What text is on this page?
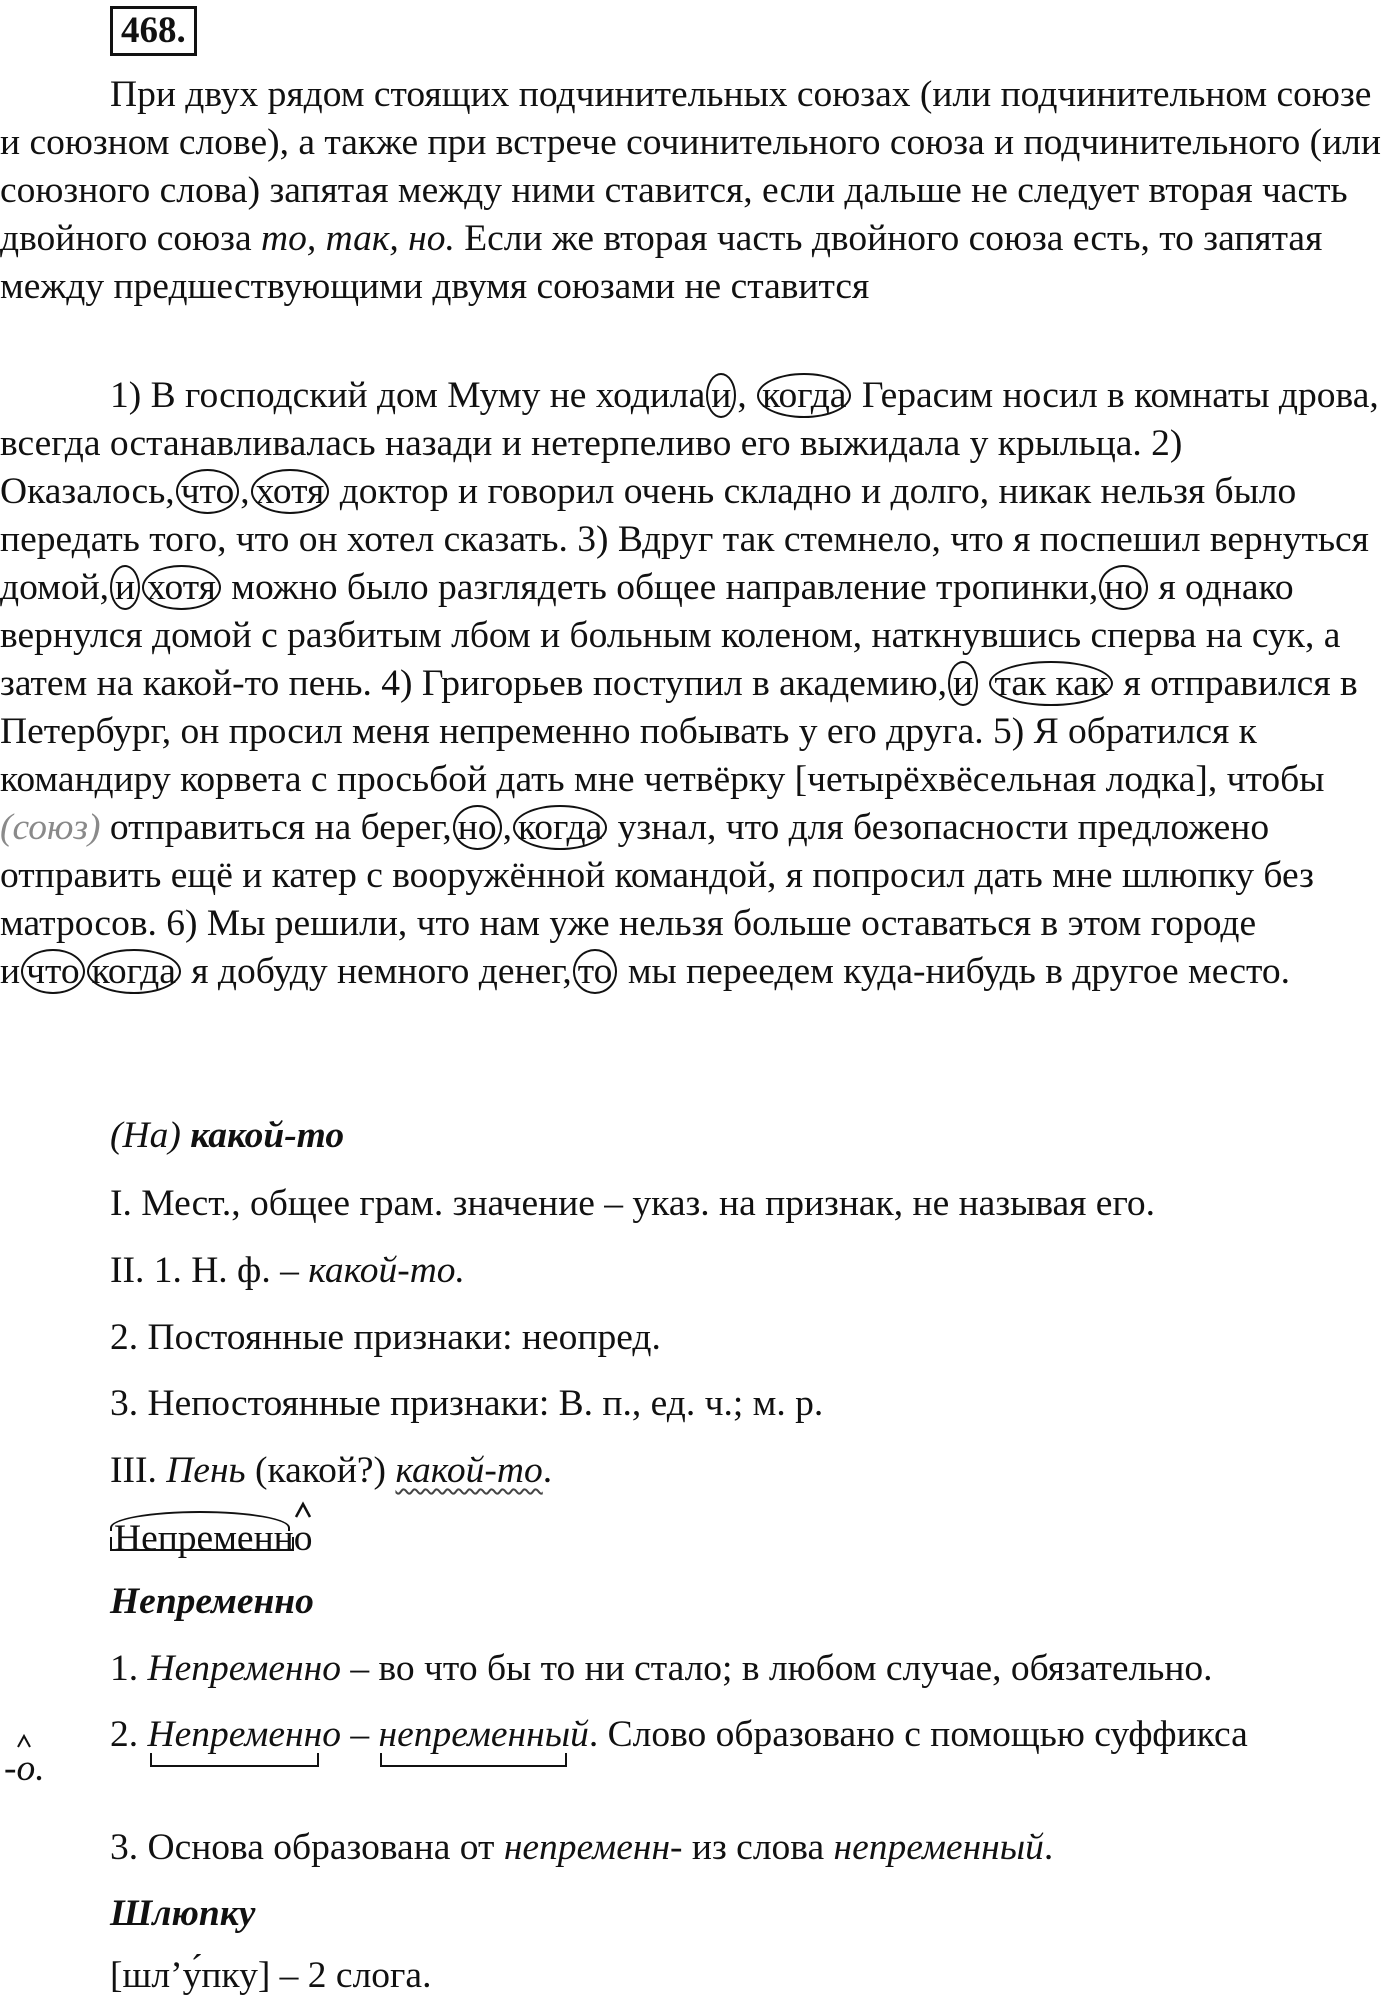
468.
При двух рядом стоящих подчинительных союзах (или подчинительном союзе и союзном слове), а также при встрече сочинительного союза и подчинительного (или союзного слова) запятая между ними ставится, если дальше не следует вторая часть двойного союза то, так, но. Если же вторая часть двойного союза есть, то запятая между предшествующими двумя союзами не ставится
1) В господский дом Муму не ходила и , когда Герасим носил в комнаты дрова, всегда останавливалась назади и нетерпеливо его выжидала у крыльца. 2) Оказалось, что , хотя доктор и говорил очень складно и долго, никак нельзя было передать того, что он хотел сказать. 3) Вдруг так стемнело, что я поспешил вернуться домой, и хотя можно было разглядеть общее направление тропинки, но я однако вернулся домой с разбитым лбом и больным коленом, наткнувшись сперва на сук, а затем на какой-то пень. 4) Григорьев поступил в академию, и так как я отправился в Петербург, он просил меня непременно побывать у его друга. 5) Я обратился к командиру корвета с просьбой дать мне четвёрку [четырёхвёсельная лодка], чтобы (союз) отправиться на берег, но , когда узнал, что для безопасности предложено отправить ещё и катер с вооружённой командой, я попросил дать мне шлюпку без матросов. 6) Мы решили, что нам уже нельзя больше оставаться в этом городе и что когда я добуду немного денег, то мы переедем куда-нибудь в другое место.
(На) какой-то
I. Мест., общее грам. значение – указ. на признак, не называя его.
II. 1. Н. ф. – какой-то.
2. Постоянные признаки: неопред.
3. Непостоянные признаки: В. п., ед. ч.; м. р.
III. Пень (какой?) какой-то.
Непременно
Непременно
1. Непременно – во что бы то ни стало; в любом случае, обязательно.
2. Непременно – непременный. Слово образовано с помощью суффикса
-о.
3. Основа образована от непременн- из слова непременный.
Шлюпку
[шл’у́пку] – 2 слога.
